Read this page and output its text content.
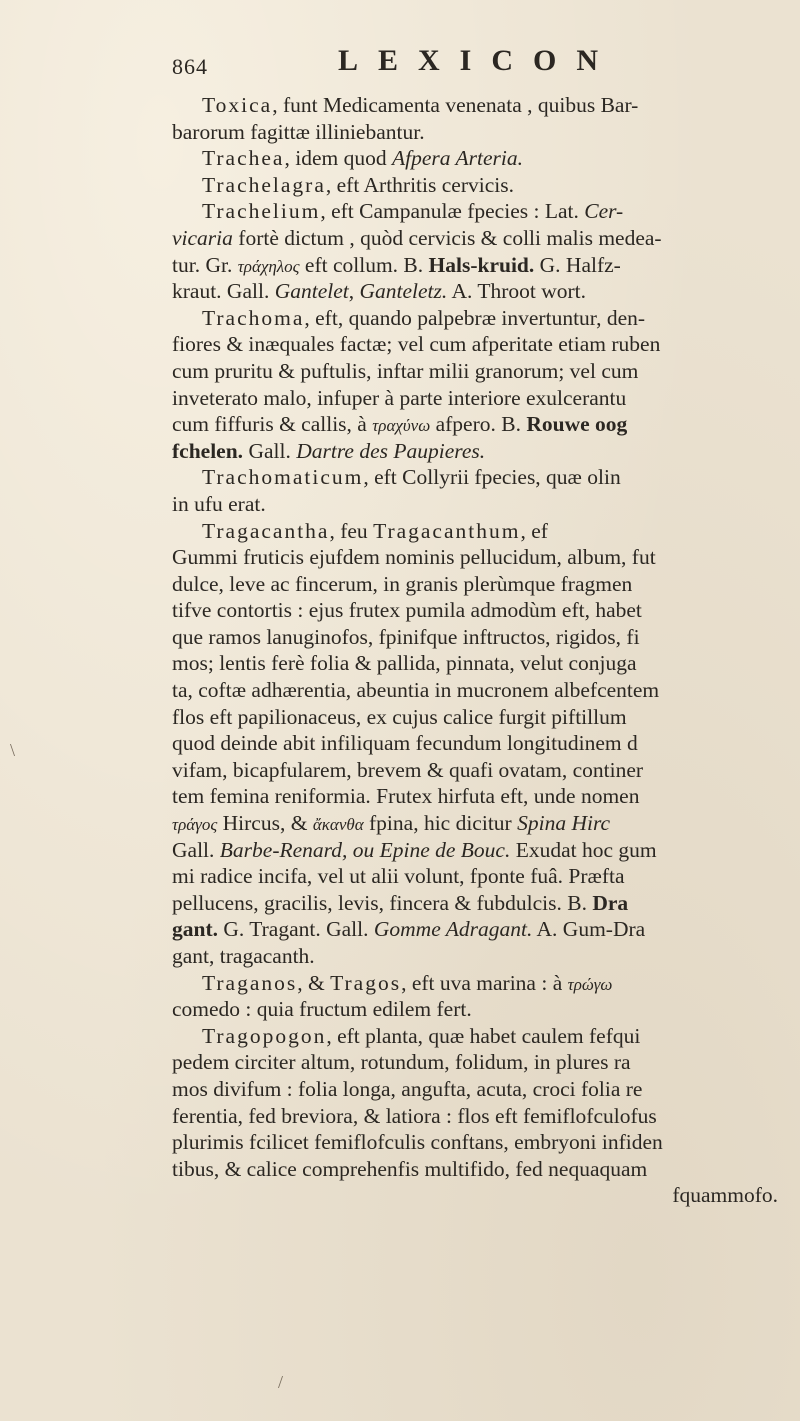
864	LEXICON
Toxica, funt Medicamenta venenata , quibus Bar-
barorum fagittæ illiniebantur.
Trachea, idem quod Afpera Arteria.
Trachelagra, eft Arthritis cervicis.
Trachelium, eft Campanulæ fpecies : Lat. Cer-
vicaria fortè dictum , quòd cervicis & colli malis medea-
tur. Gr. τράχηλος eft collum. B. Hals-kruid. G. Halfz-
kraut. Gall. Gantelet, Ganteletz. A. Throot wort.
Trachoma, eft, quando palpebræ invertuntur, den-
fiores & inæquales factæ; vel cum afperitate etiam ruben
cum pruritu & puftulis, inftar milii granorum; vel cum
inveterato malo, infuper à parte interiore exulcerantu
cum fiffuris & callis, à τραχύνω afpero. B. Rouwe oog
fchelen. Gall. Dartre des Paupieres.
Trachomaticum, eft Collyrii fpecies, quæ olin
in ufu erat.
Tragacantha, feu Tragacanthum, ef
Gummi fruticis ejufdem nominis pellucidum, album, fut
dulce, leve ac fincerum, in granis plerùmque fragmen
tifve contortis : ejus frutex pumila admodùm eft, habet
que ramos lanuginofos, fpinifque inftructos, rigidos, fi
mos; lentis ferè folia & pallida, pinnata, velut conjuga
ta, coftæ adhærentia, abeuntia in mucronem albefcentem
flos eft papilionaceus, ex cujus calice furgit piftillum
quod deinde abit infiliquam fecundum longitudinem d
vifam, bicapfularem, brevem & quafi ovatam, continer
tem femina reniformia. Frutex hirfuta eft, unde nomen
τράγος Hircus, & ἄκανθα fpina, hic dicitur Spina Hirc
Gall. Barbe-Renard, ou Epine de Bouc. Exudat hoc gum
mi radice incifa, vel ut alii volunt, fponte fuâ. Præfta
pellucens, gracilis, levis, fincera & fubdulcis. B. Dra
gant. G. Tragant. Gall. Gomme Adragant. A. Gum-Dra
gant, tragacanth.
Traganos, & Tragos, eft uva marina : à τρώγω
comedo : quia fructum edilem fert.
Tragopogon, eft planta, quæ habet caulem fefqui
pedem circiter altum, rotundum, folidum, in plures ra
mos divifum : folia longa, angufta, acuta, croci folia re
ferentia, fed breviora, & latiora : flos eft femiflofculofus
plurimis fcilicet femiflofculis conftans, embryoni infiden
tibus, & calice comprehenfis multifido, fed nequaquam
fquammofo.
\
/
